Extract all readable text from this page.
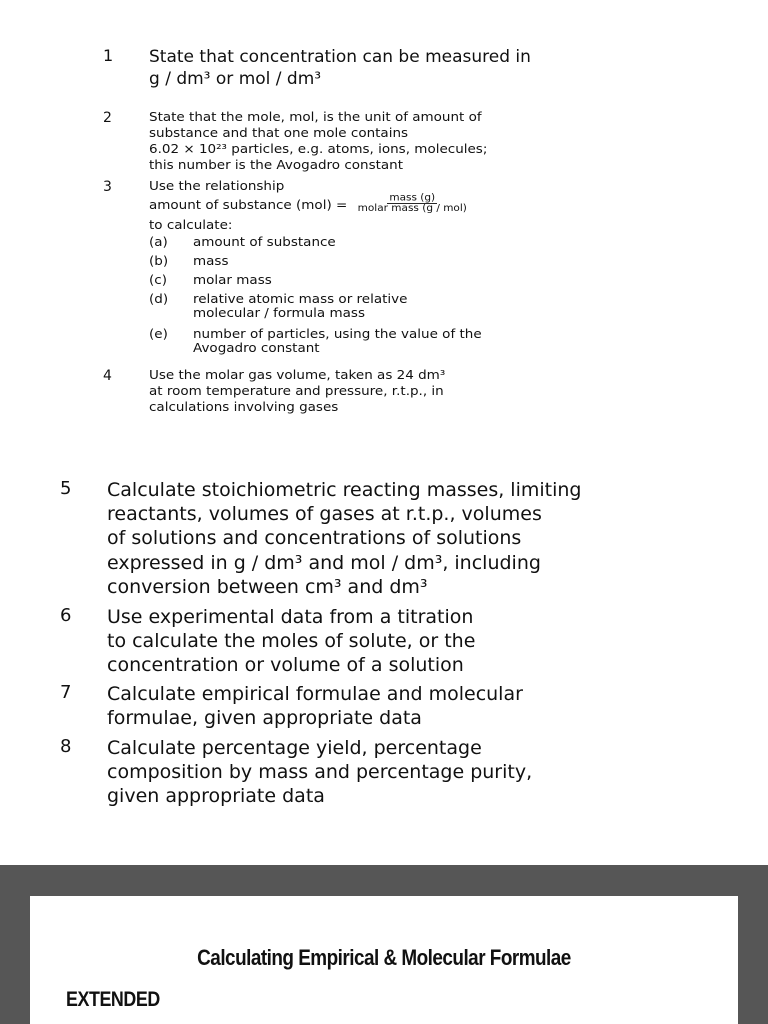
1 State that concentration can be measured in
g / dm³ or mol / dm³
2	State that the mole, mol, is the unit of amount of
substance and that one mole contains
6.02 × 10²³ particles, e.g. atoms, ions, molecules;
this number is the Avogadro constant
3	Use the relationship
amount of substance $(mol) = \frac{\text{mass (g)}}{\text{molar mass (g / mol)}}$
to calculate:
(a)	amount of substance
(b)	mass
(c)	molar mass
(d)	relative atomic mass or relative
molecular / formula mass
(e)	number of particles, using the value of the
Avogadro constant
4	Use the molar gas volume, taken as 24 dm³
at room temperature and pressure, r.t.p., in
calculations involving gases
5 Calculate stoichiometric reacting masses, limiting
reactants, volumes of gases at r.t.p., volumes
of solutions and concentrations of solutions
expressed in g / dm³ and mol / dm³, including
conversion between cm³ and dm³
6 Use experimental data from a titration
to calculate the moles of solute, or the
concentration or volume of a solution
7 Calculate empirical formulae and molecular
formulae, given appropriate data
8 Calculate percentage yield, percentage
composition by mass and percentage purity,
given appropriate data
Calculating Empirical & Molecular Formulae
EXTENDED
